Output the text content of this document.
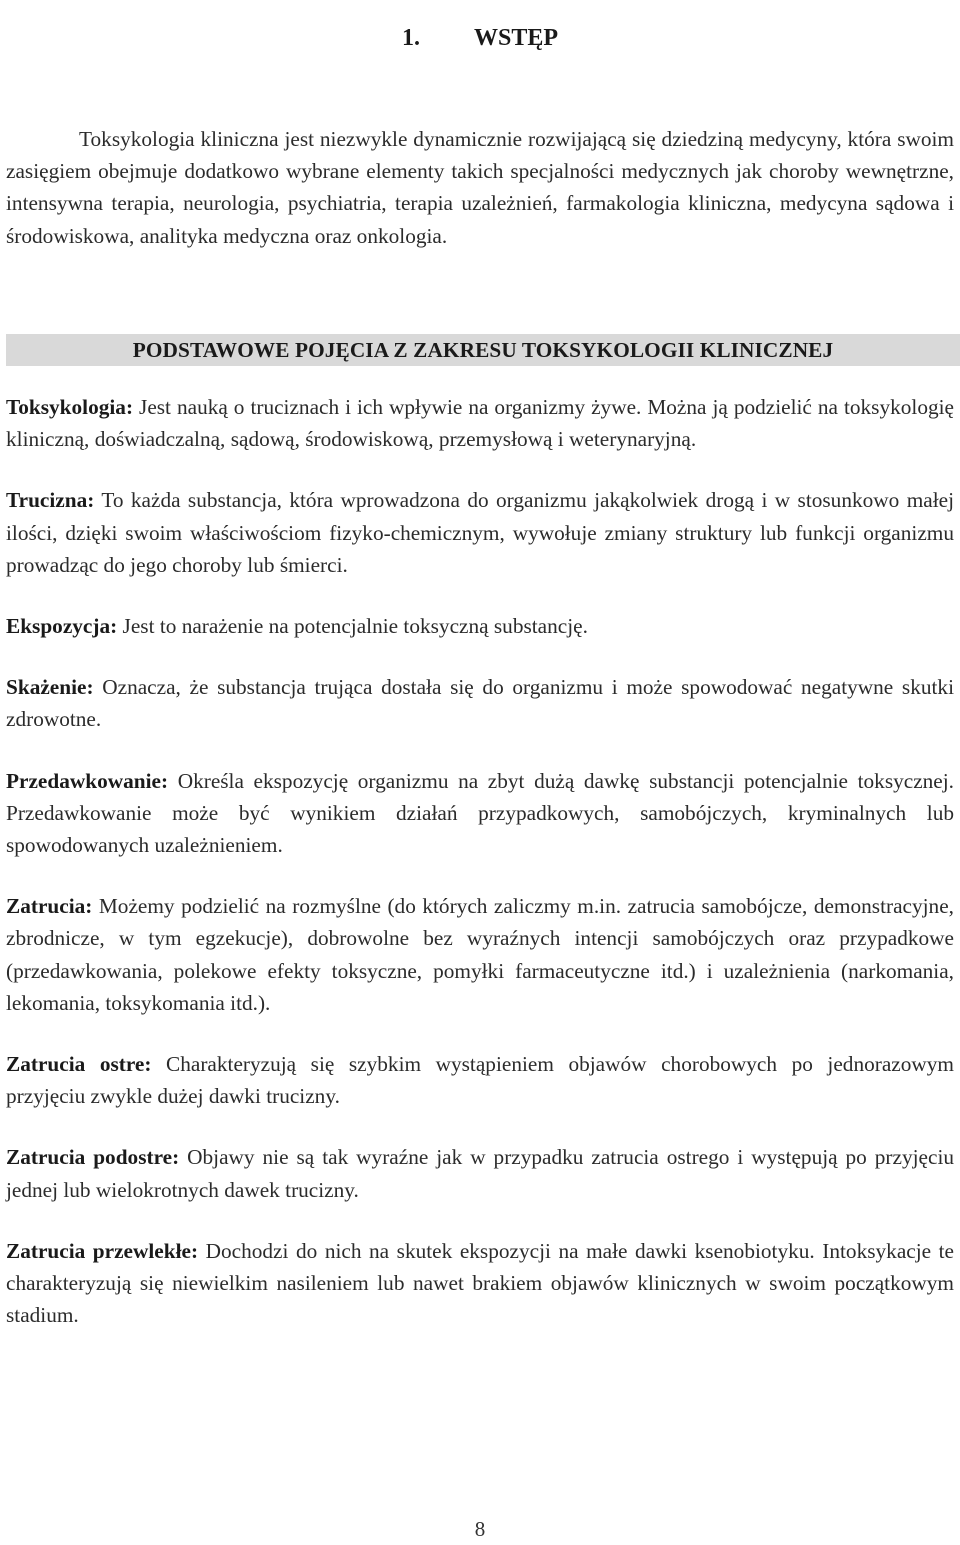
1. WSTĘP

Toksykologia kliniczna jest niezwykle dynamicznie rozwijającą się dziedziną medycyny, która swoim zasięgiem obejmuje dodatkowo wybrane elementy takich specjalności medycznych jak choroby wewnętrzne, intensywna terapia, neurologia, psychiatria, terapia uzależnień, farmakologia kliniczna, medycyna sądowa i środowiskowa, analityka medyczna oraz onkologia.

PODSTAWOWE POJĘCIA Z ZAKRESU TOKSYKOLOGII KLINICZNEJ

Toksykologia: Jest nauką o truciznach i ich wpływie na organizmy żywe. Można ją podzielić na toksykologię kliniczną, doświadczalną, sądową, środowiskową, przemysłową i weterynaryjną.

Trucizna: To każda substancja, która wprowadzona do organizmu jakąkolwiek drogą i w stosunkowo małej ilości, dzięki swoim właściwościom fizyko-chemicznym, wywołuje zmiany struktury lub funkcji organizmu prowadząc do jego choroby lub śmierci.

Ekspozycja: Jest to narażenie na potencjalnie toksyczną substancję.

Skażenie: Oznacza, że substancja trująca dostała się do organizmu i może spowodować negatywne skutki zdrowotne.

Przedawkowanie: Określa ekspozycję organizmu na zbyt dużą dawkę substancji potencjalnie toksycznej. Przedawkowanie może być wynikiem działań przypadkowych, samobójczych, kryminalnych lub spowodowanych uzależnieniem.

Zatrucia: Możemy podzielić na rozmyślne (do których zaliczmy m.in. zatrucia samobójcze, demonstracyjne, zbrodnicze, w tym egzekucje), dobrowolne bez wyraźnych intencji samobójczych oraz przypadkowe (przedawkowania, polekowe efekty toksyczne, pomyłki farmaceutyczne itd.) i uzależnienia (narkomania, lekomania, toksykomania itd.).

Zatrucia ostre: Charakteryzują się szybkim wystąpieniem objawów chorobowych po jednorazowym przyjęciu zwykle dużej dawki trucizny.

Zatrucia podostre: Objawy nie są tak wyraźne jak w przypadku zatrucia ostrego i występują po przyjęciu jednej lub wielokrotnych dawek trucizny.

Zatrucia przewlekłe: Dochodzi do nich na skutek ekspozycji na małe dawki ksenobiotyku. Intoksykacje te charakteryzują się niewielkim nasileniem lub nawet brakiem objawów klinicznych w swoim początkowym stadium.

8
